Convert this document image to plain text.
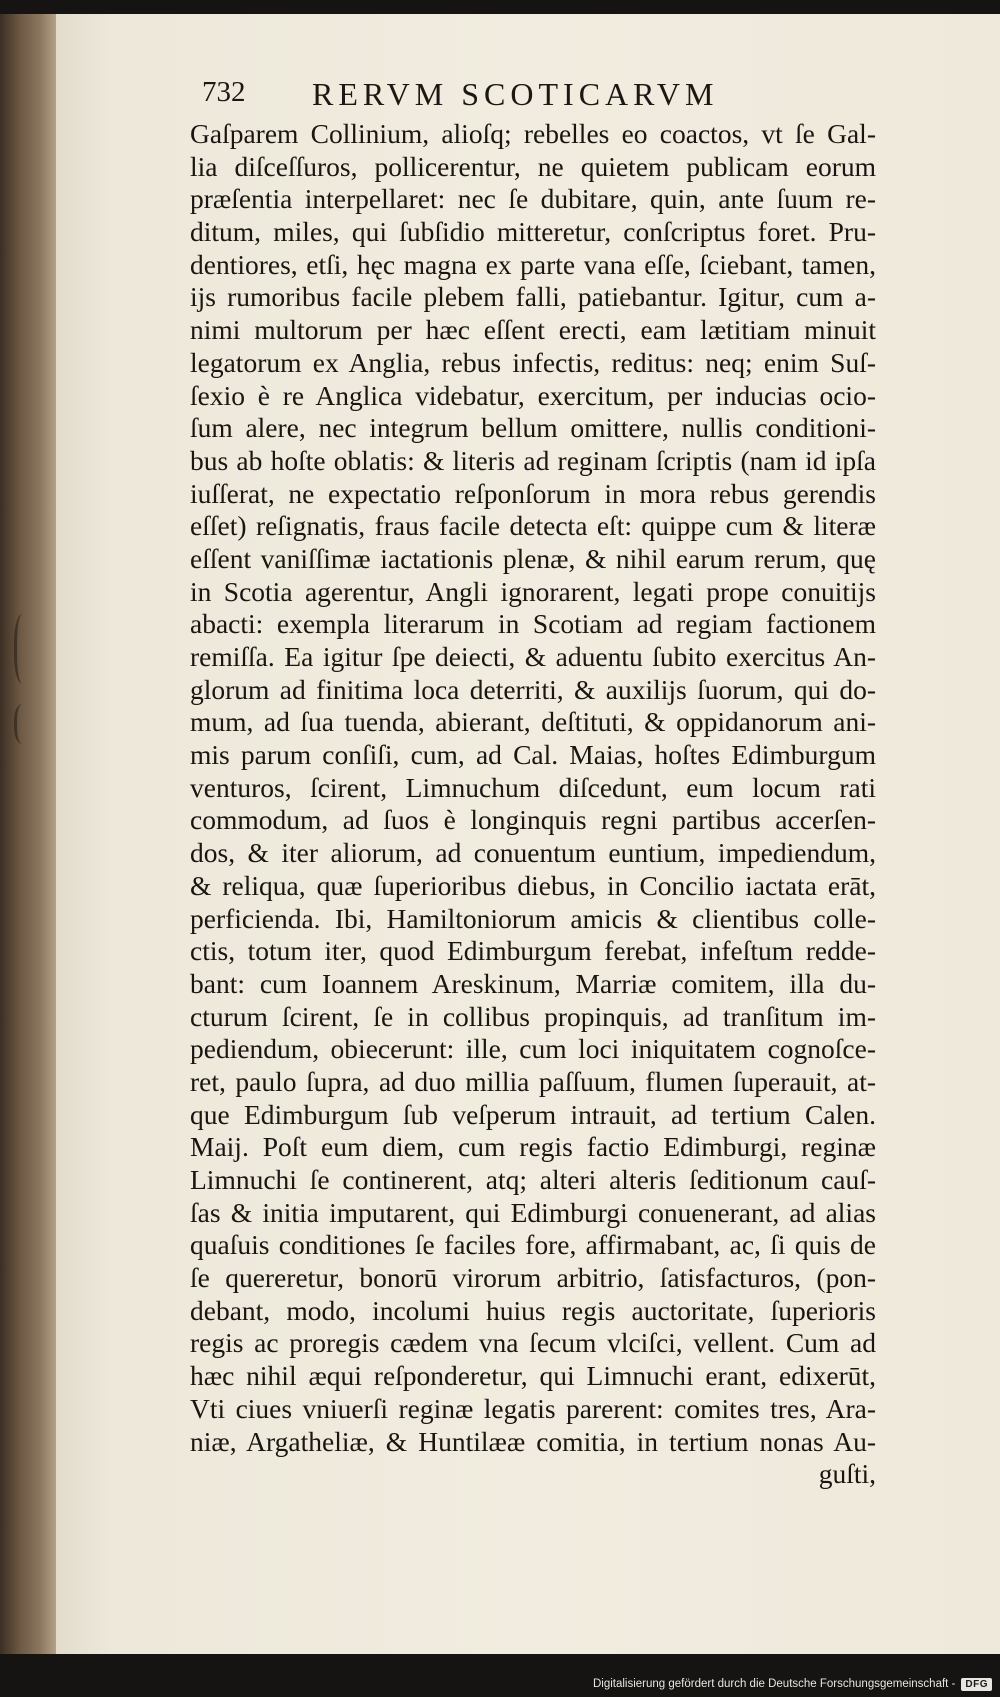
732 RERVM SCOTICARVM
Gaſparem Collinium, alioſq; rebelles eo coactos, vt ſe Gal-
lia diſceſſuros, pollicerentur, ne quietem publicam eorum
præſentia interpellaret: nec ſe dubitare, quin, ante ſuum re-
ditum, miles, qui ſubſidio mitteretur, conſcriptus foret. Pru-
dentiores, etſi, hęc magna ex parte vana eſſe, ſciebant, tamen,
ijs rumoribus facile plebem falli, patiebantur. Igitur, cum a-
nimi multorum per hæc eſſent erecti, eam lætitiam minuit
legatorum ex Anglia, rebus infectis, reditus: neq; enim Suſ-
ſexio è re Anglica videbatur, exercitum, per inducias ocio-
ſum alere, nec integrum bellum omittere, nullis conditioni-
bus ab hoſte oblatis: & literis ad reginam ſcriptis (nam id ipſa
iuſſerat, ne expectatio reſponſorum in mora rebus gerendis
eſſet) reſignatis, fraus facile detecta eſt: quippe cum & literæ
eſſent vaniſſimæ iactationis plenæ, & nihil earum rerum, quę
in Scotia agerentur, Angli ignorarent, legati prope conuitijs
abacti: exempla literarum in Scotiam ad regiam factionem
remiſſa. Ea igitur ſpe deiecti, & aduentu ſubito exercitus An-
glorum ad finitima loca deterriti, & auxilijs ſuorum, qui do-
mum, ad ſua tuenda, abierant, deſtituti, & oppidanorum ani-
mis parum conſiſi, cum, ad Cal. Maias, hoſtes Edimburgum
venturos, ſcirent, Limnuchum diſcedunt, eum locum rati
commodum, ad ſuos è longinquis regni partibus accerſen-
dos, & iter aliorum, ad conuentum euntium, impediendum,
& reliqua, quæ ſuperioribus diebus, in Concilio iactata erāt,
perficienda. Ibi, Hamiltoniorum amicis & clientibus colle-
ctis, totum iter, quod Edimburgum ferebat, infeſtum redde-
bant: cum Ioannem Areskinum, Marriæ comitem, illa du-
cturum ſcirent, ſe in collibus propinquis, ad tranſitum im-
pediendum, obiecerunt: ille, cum loci iniquitatem cognoſce-
ret, paulo ſupra, ad duo millia paſſuum, flumen ſuperauit, at-
que Edimburgum ſub veſperum intrauit, ad tertium Calen.
Maij. Poſt eum diem, cum regis factio Edimburgi, reginæ
Limnuchi ſe continerent, atq; alteri alteris ſeditionum cauſ-
ſas & initia imputarent, qui Edimburgi conuenerant, ad alias
quaſuis conditiones ſe faciles fore, affirmabant, ac, ſi quis de
ſe quereretur, bonorū virorum arbitrio, ſatisfacturos, (pon-
debant, modo, incolumi huius regis auctoritate, ſuperioris
regis ac proregis cædem vna ſecum vlciſci, vellent. Cum ad
hæc nihil æqui reſponderetur, qui Limnuchi erant, edixerūt,
Vti ciues vniuerſi reginæ legatis parerent: comites tres, Ara-
niæ, Argatheliæ, & Huntilææ comitia, in tertium nonas Au-
guſti,
Digitalisierung gefördert durch die Deutsche Forschungsgemeinschaft -	DFG
